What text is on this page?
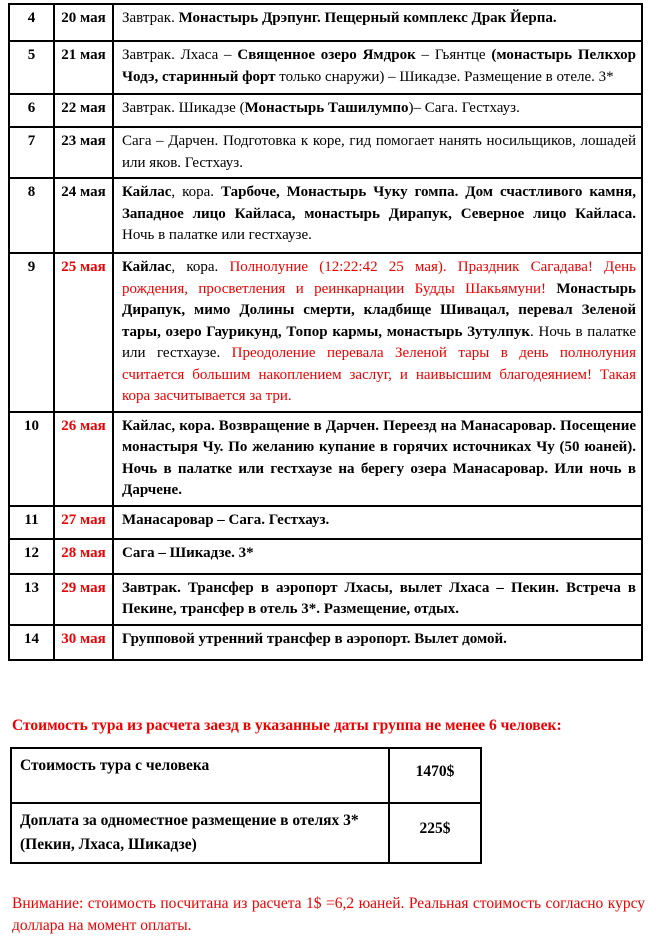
4	20 мая	Завтрак. Монастырь Дрэпунг. Пещерный комплекс Драк Йерпа.
5	21 мая	Завтрак. Лхаса – Священное озеро Ямдрок – Гьянтце (монастырь Пелкхор Чодэ, старинный форт только снаружи) – Шикадзе. Размещение в отеле. 3*
6	22 мая	Завтрак. Шикадзе (Монастырь Ташилумпо)– Сага. Гестхауз.
7	23 мая	Сага – Дарчен. Подготовка к коре, гид помогает нанять носильщиков, лошадей или яков. Гестхауз.
8	24 мая	Кайлас, кора. Тарбоче, Монастырь Чуку гомпа. Дом счастливого камня, Западное лицо Кайласа, монастырь Дирапук, Северное лицо Кайласа. Ночь в палатке или гестхаузе.
9	25 мая	Кайлас, кора. Полнолуние (12:22:42 25 мая). Праздник Сагадава! День рождения, просветления и реинкарнации Будды Шакьямуни! Монастырь Дирапук, мимо Долины смерти, кладбище Шивацал, перевал Зеленой тары, озеро Гаурикунд, Топор кармы, монастырь Зутулпук. Ночь в палатке или гестхаузе. Преодоление перевала Зеленой тары в день полнолуния считается большим накоплением заслуг, и наивысшим благодеянием! Такая кора засчитывается за три.
10	26 мая	Кайлас, кора. Возвращение в Дарчен. Переезд на Манасаровар. Посещение монастыря Чу. По желанию купание в горячих источниках Чу (50 юаней). Ночь в палатке или гестхаузе на берегу озера Манасаровар. Или ночь в Дарчене.
11	27 мая	Манасаровар – Сага. Гестхауз.
12	28 мая	Сага – Шикадзе. 3*
13	29 мая	Завтрак. Трансфер в аэропорт Лхасы, вылет Лхаса – Пекин. Встреча в Пекине, трансфер в отель 3*. Размещение, отдых.
14	30 мая	Групповой утренний трансфер в аэропорт. Вылет домой.
Стоимость тура из расчета заезд в указанные даты группа не менее 6 человек:
Стоимость тура с человека	1470$

Доплата за одноместное размещение в отелях 3*
(Пекин, Лхаса, Шикадзе)	225$
Внимание: стоимость посчитана из расчета 1$ =6,2 юаней. Реальная стоимость согласно курсу доллара на момент оплаты.
